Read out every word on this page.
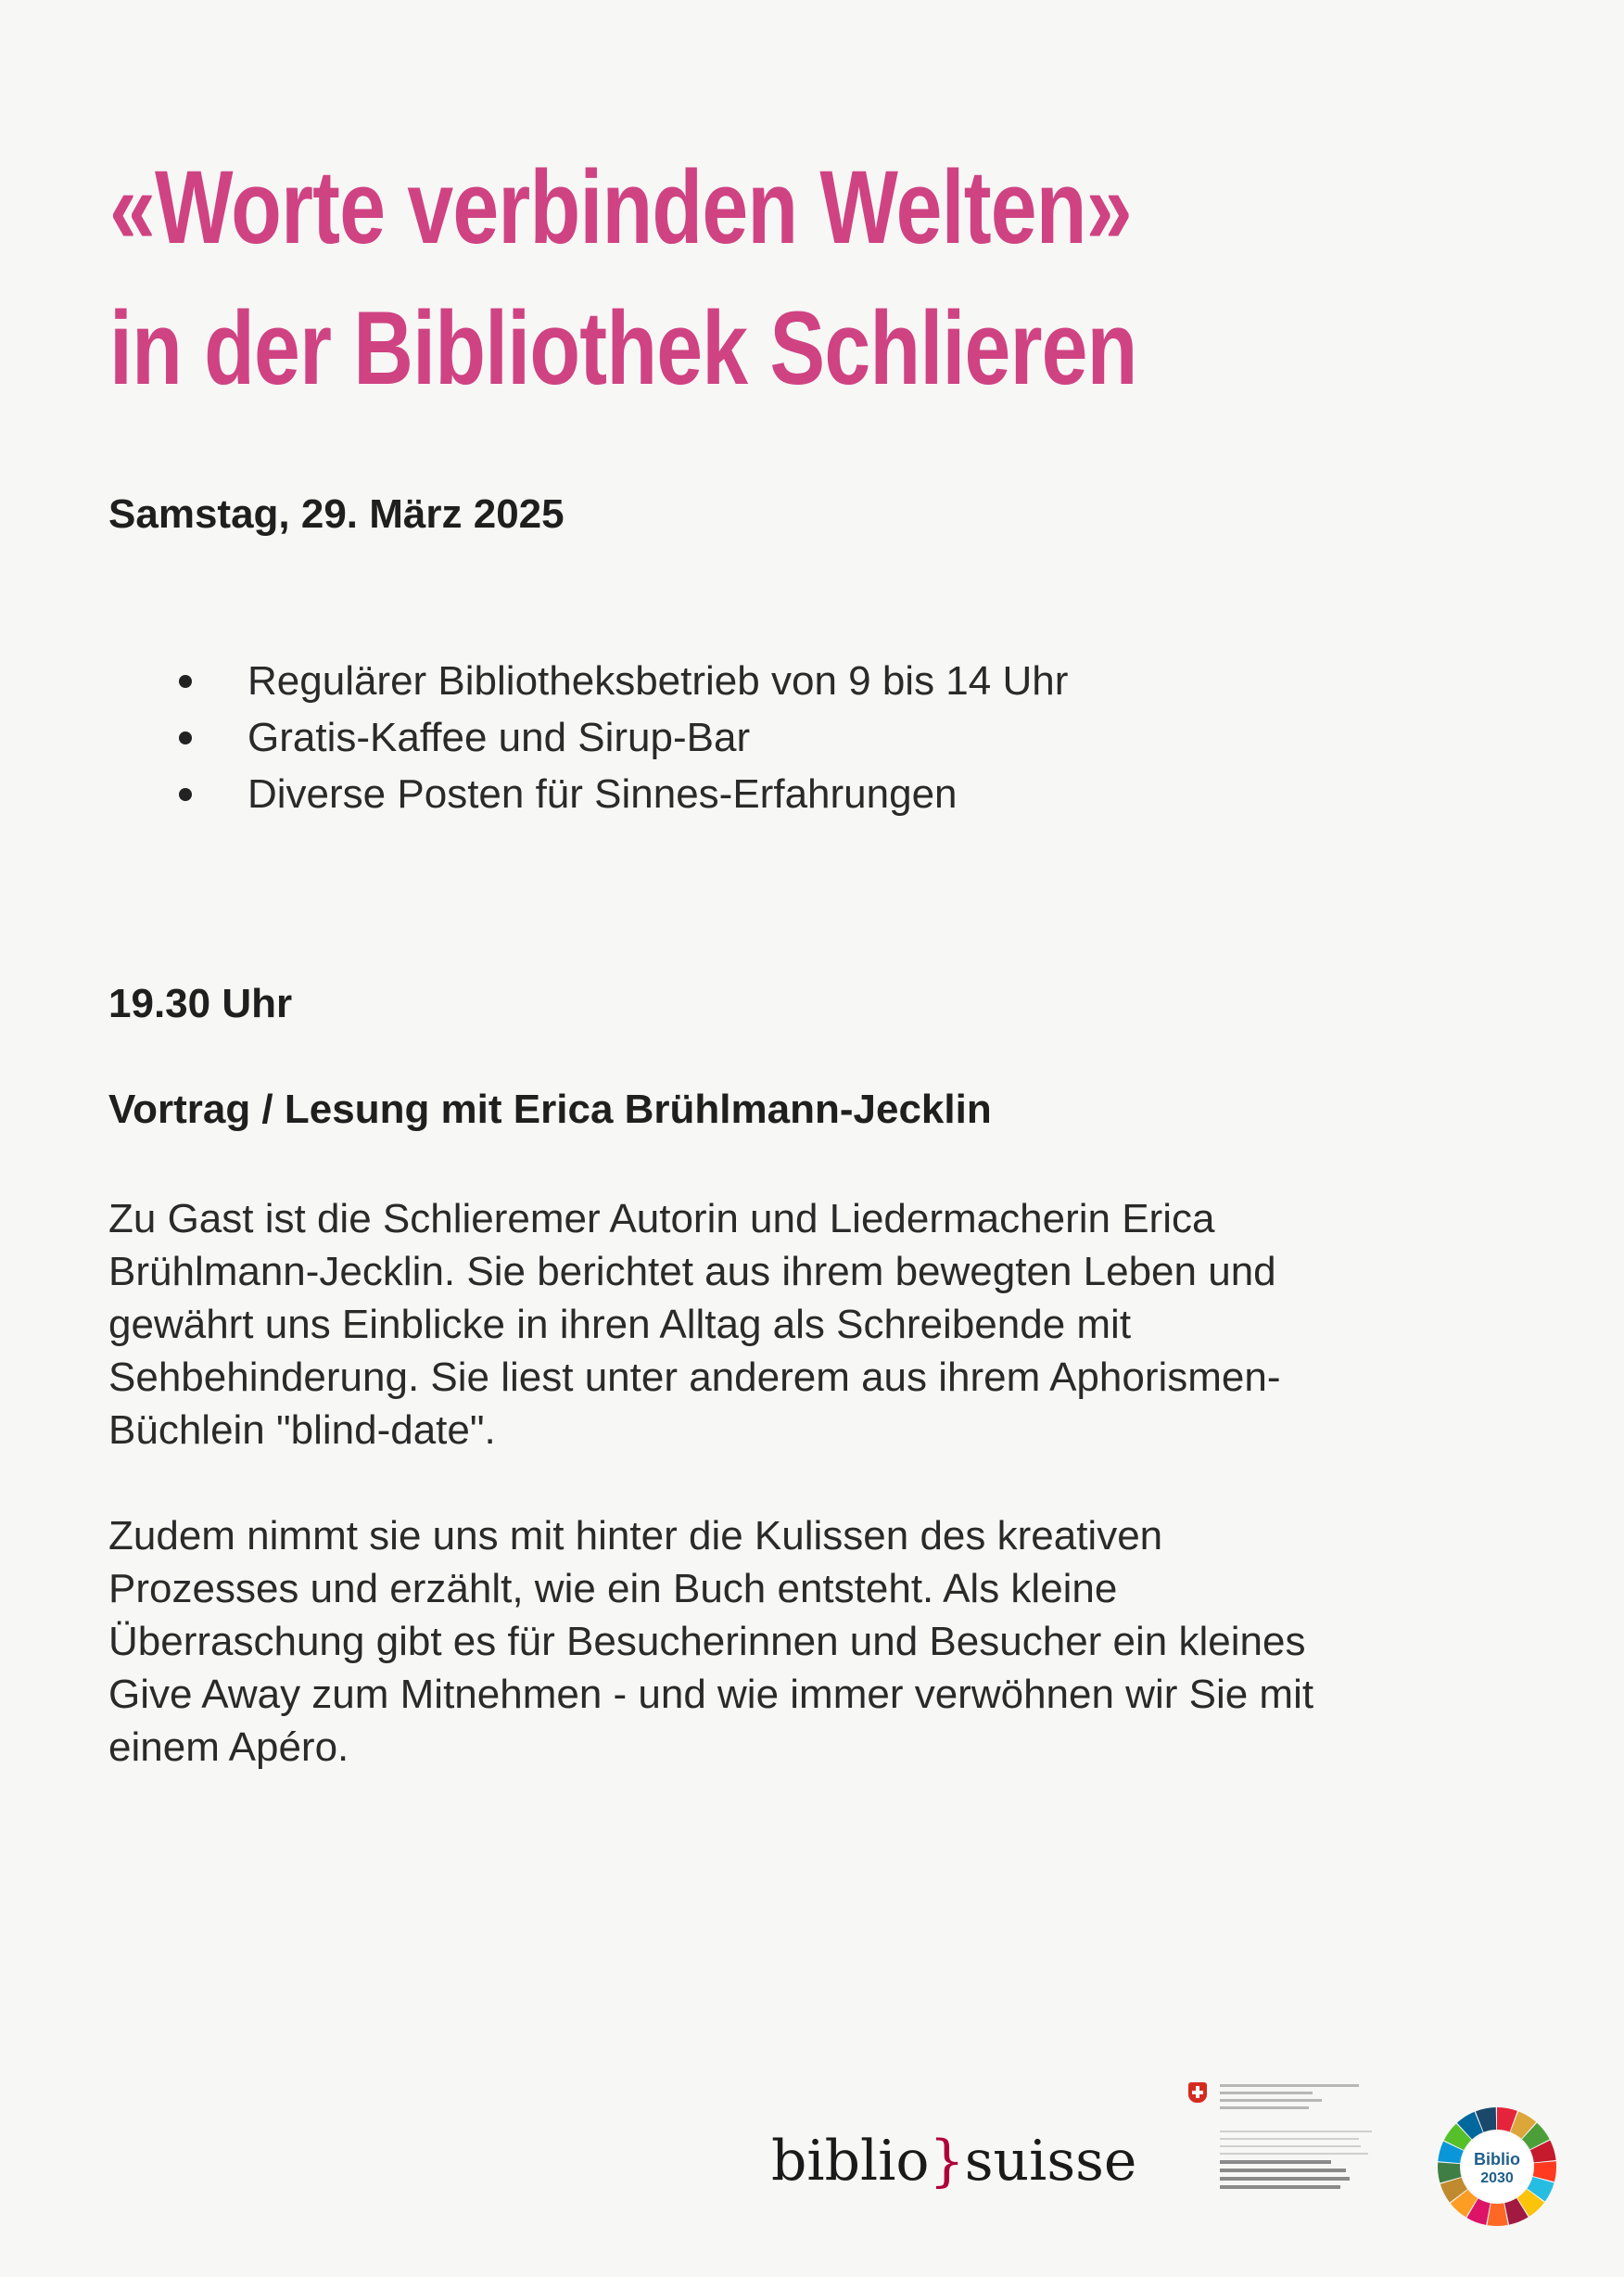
«Worte verbinden Welten»
in der Bibliothek Schlieren
Samstag, 29. März 2025
Regulärer Bibliotheksbetrieb von 9 bis 14 Uhr
Gratis-Kaffee und Sirup-Bar
Diverse Posten für Sinnes-Erfahrungen
19.30 Uhr
Vortrag / Lesung mit Erica Brühlmann-Jecklin
Zu Gast ist die Schlieremer Autorin und Liedermacherin Erica
Brühlmann-Jecklin. Sie berichtet aus ihrem bewegten Leben und
gewährt uns Einblicke in ihren Alltag als Schreibende mit
Sehbehinderung. Sie liest unter anderem aus ihrem Aphorismen-
Büchlein "blind-date".
Zudem nimmt sie uns mit hinter die Kulissen des kreativen
Prozesses und erzählt, wie ein Buch entsteht. Als kleine
Überraschung gibt es für Besucherinnen und Besucher ein kleines
Give Away zum Mitnehmen - und wie immer verwöhnen wir Sie mit
einem Apéro.
biblio}suisse	Biblio
2030
